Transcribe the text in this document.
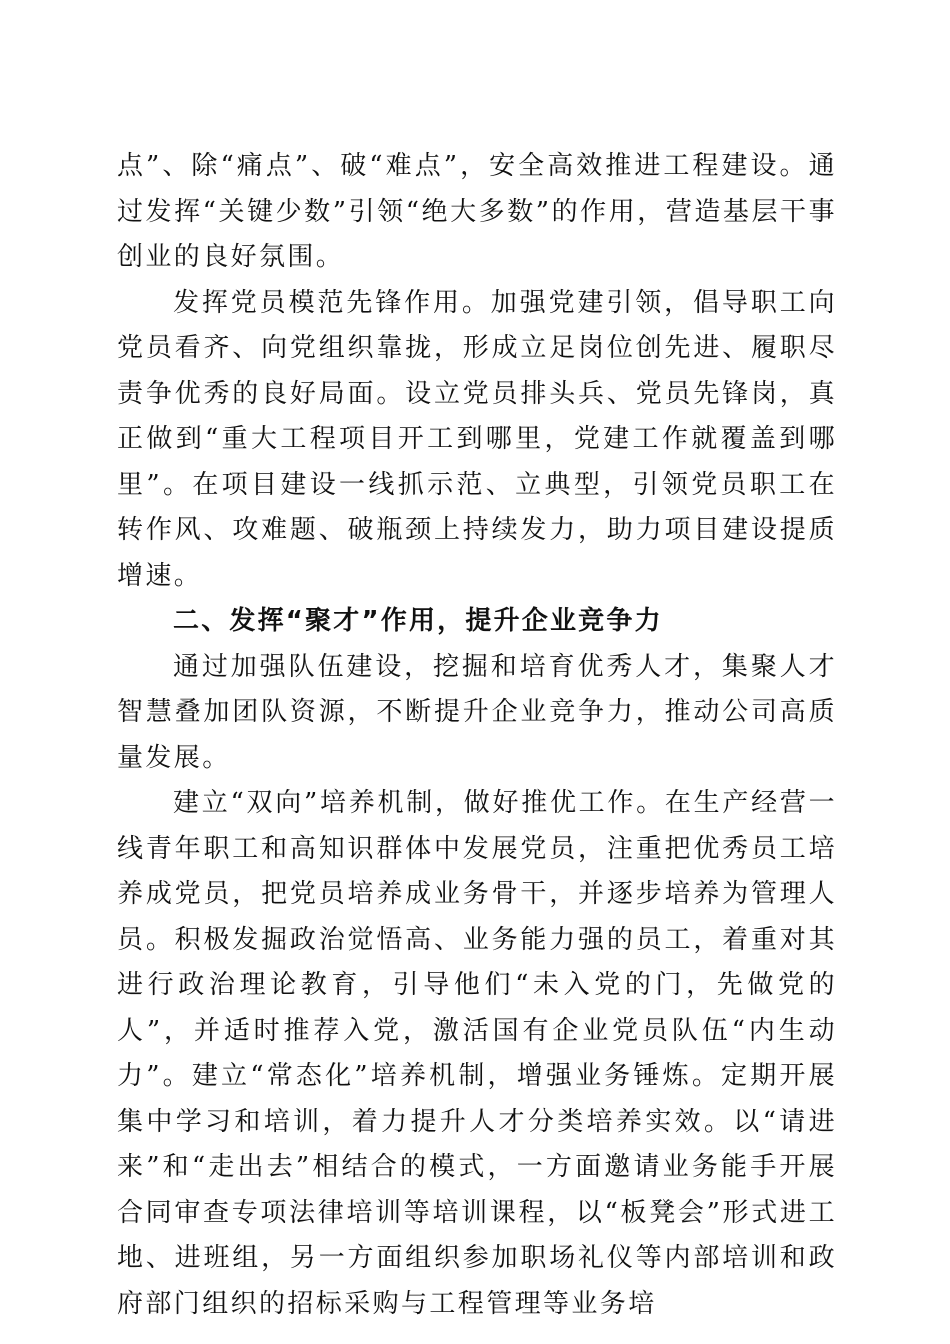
点”、除“痛点”、破“难点”，安全高效推进工程建设。通过发挥“关键少数”引领“绝大多数”的作用，营造基层干事创业的良好氛围。

发挥党员模范先锋作用。加强党建引领，倡导职工向党员看齐、向党组织靠拢，形成立足岗位创先进、履职尽责争优秀的良好局面。设立党员排头兵、党员先锋岗，真正做到“重大工程项目开工到哪里，党建工作就覆盖到哪里”。在项目建设一线抓示范、立典型，引领党员职工在转作风、攻难题、破瓶颈上持续发力，助力项目建设提质增速。

二、发挥“聚才”作用，提升企业竞争力

通过加强队伍建设，挖掘和培育优秀人才，集聚人才智慧叠加团队资源，不断提升企业竞争力，推动公司高质量发展。

建立“双向”培养机制，做好推优工作。在生产经营一线青年职工和高知识群体中发展党员，注重把优秀员工培养成党员，把党员培养成业务骨干，并逐步培养为管理人员。积极发掘政治觉悟高、业务能力强的员工，着重对其进行政治理论教育，引导他们“未入党的门，先做党的人”，并适时推荐入党，激活国有企业党员队伍“内生动力”。建立“常态化”培养机制，增强业务锤炼。定期开展集中学习和培训，着力提升人才分类培养实效。以“请进来”和“走出去”相结合的模式，一方面邀请业务能手开展合同审查专项法律培训等培训课程，以“板凳会”形式进工地、进班组，另一方面组织参加职场礼仪等内部培训和政府部门组织的招标采购与工程管理等业务培
